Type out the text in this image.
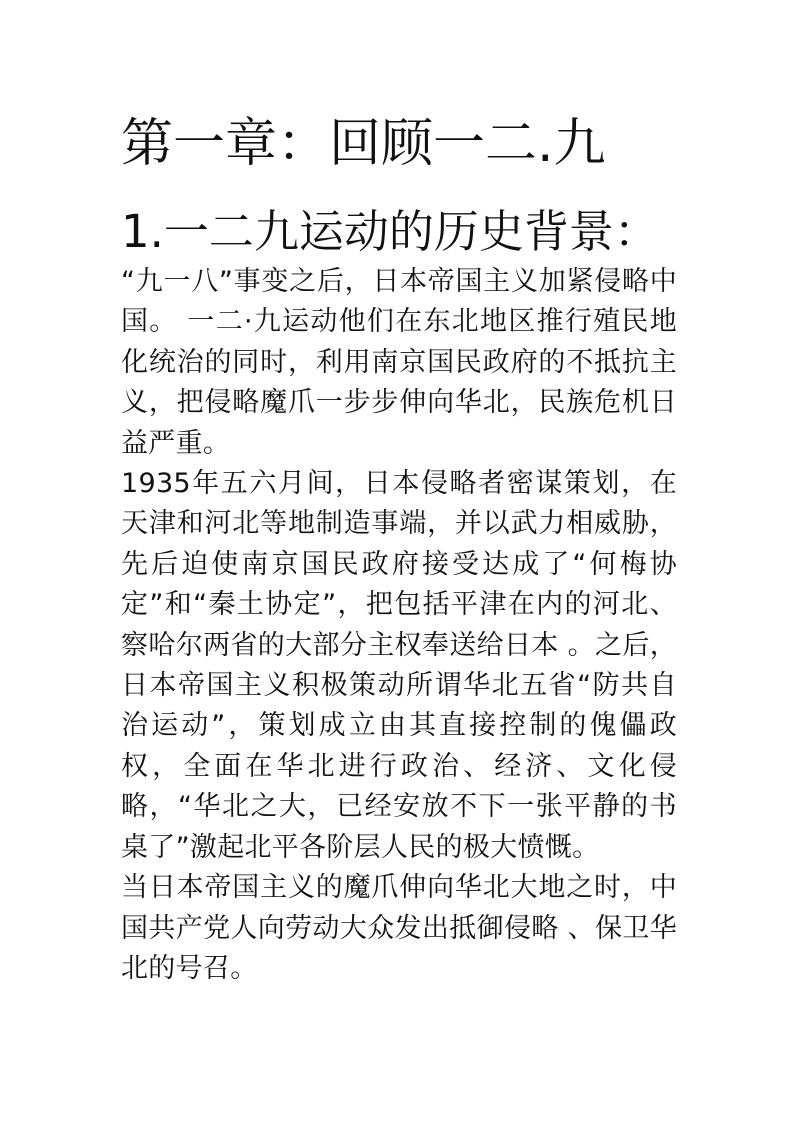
第一章：回顾一二.九
1.一二九运动的历史背景：

“九一八”事变之后，日本帝国主义加紧侵略中国。 一二·九运动他们在东北地区推行殖民地化统治的同时，利用南京国民政府的不抵抗主义，把侵略魔爪一步步伸向华北，民族危机日益严重。

1935年五六月间，日本侵略者密谋策划，在天津和河北等地制造事端，并以武力相威胁，先后迫使南京国民政府接受达成了“何梅协定”和“秦土协定”，把包括平津在内的河北、察哈尔两省的大部分主权奉送给日本 。之后，日本帝国主义积极策动所谓华北五省“防共自治运动”，策划成立由其直接控制的傀儡政权，全面在华北进行政治、经济、文化侵略，“华北之大，已经安放不下一张平静的书桌了”激起北平各阶层人民的极大愤慨。

当日本帝国主义的魔爪伸向华北大地之时，中国共产党人向劳动大众发出抵御侵略 、保卫华北的号召。
